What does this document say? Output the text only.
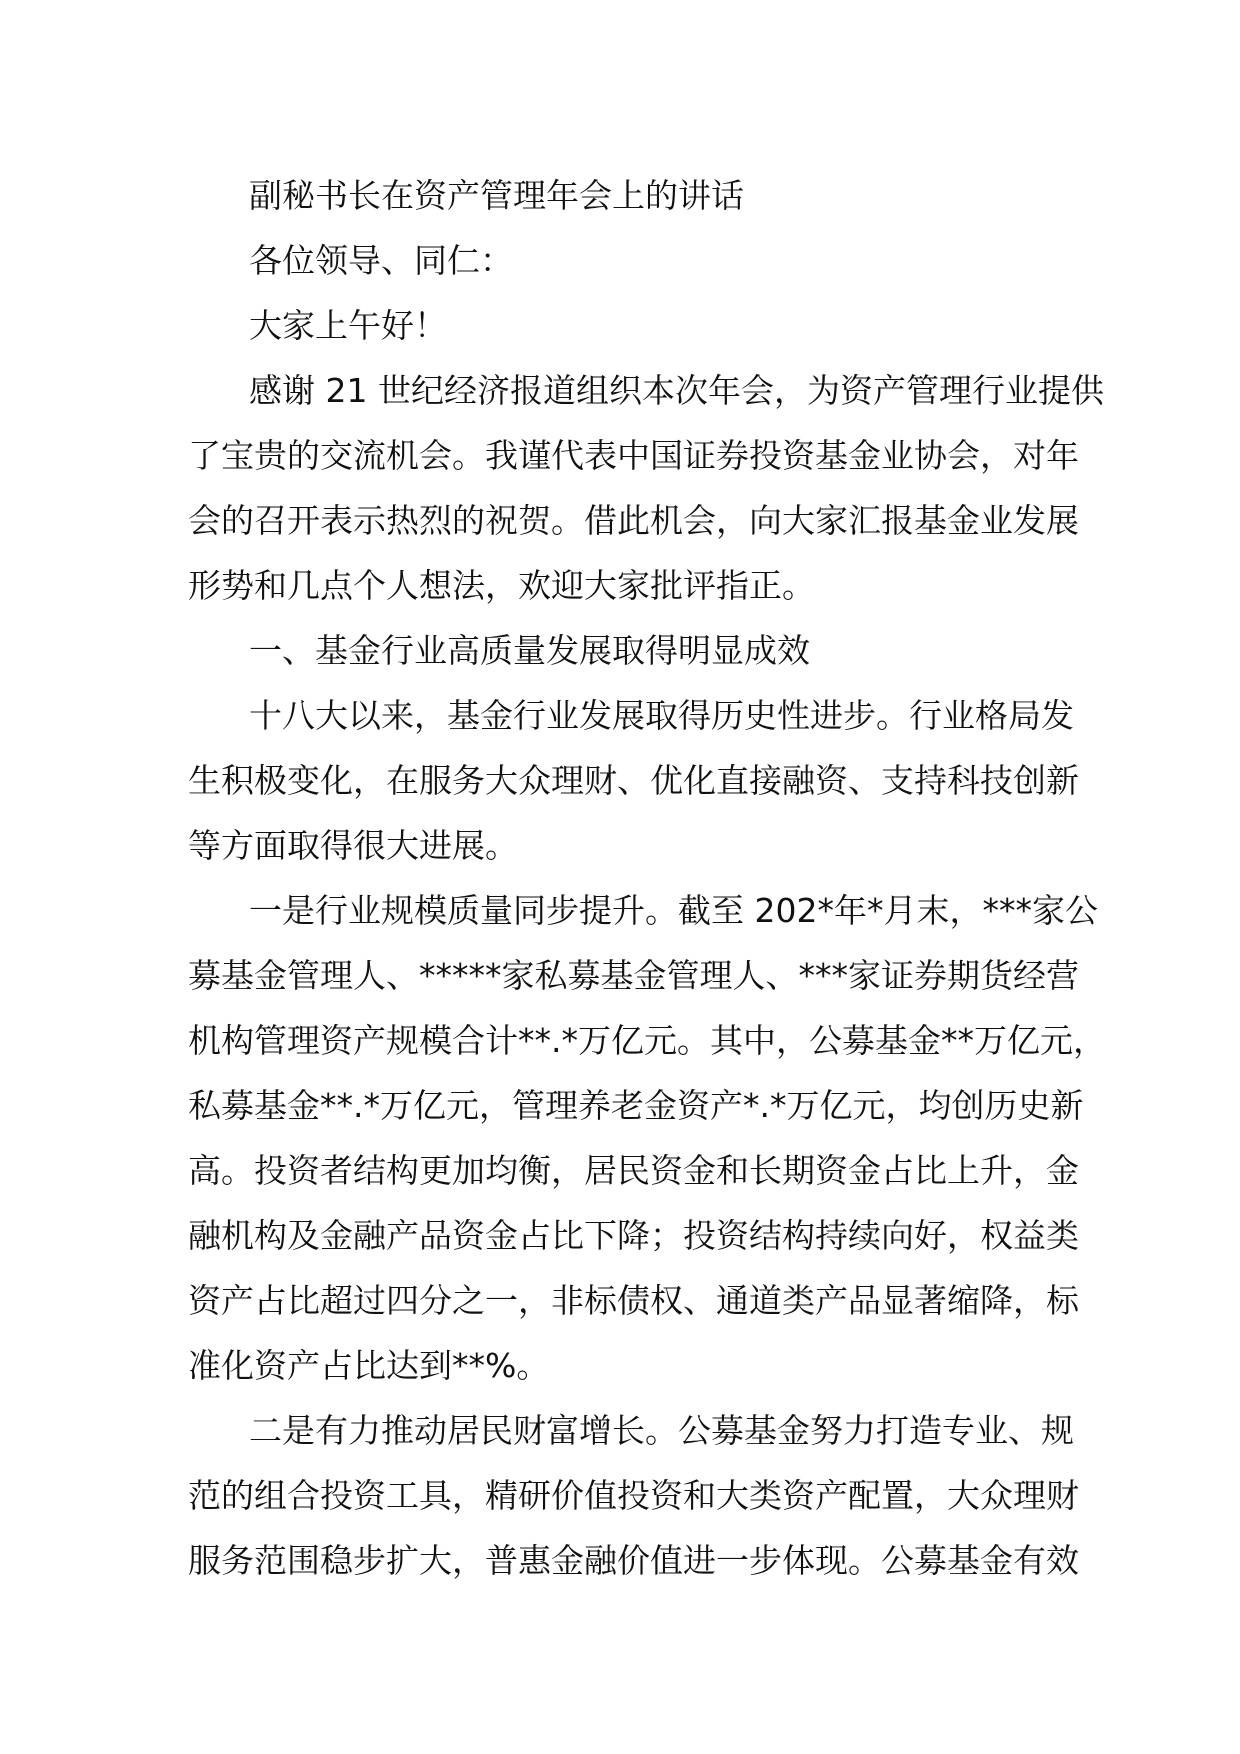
副秘书长在资产管理年会上的讲话
各位领导、同仁：
大家上午好！
感谢 21 世纪经济报道组织本次年会，为资产管理行业提供
了宝贵的交流机会。我谨代表中国证券投资基金业协会，对年
会的召开表示热烈的祝贺。借此机会，向大家汇报基金业发展
形势和几点个人想法，欢迎大家批评指正。
一、基金行业高质量发展取得明显成效
十八大以来，基金行业发展取得历史性进步。行业格局发
生积极变化，在服务大众理财、优化直接融资、支持科技创新
等方面取得很大进展。
一是行业规模质量同步提升。截至 202*年*月末，***家公
募基金管理人、*****家私募基金管理人、***家证券期货经营
机构管理资产规模合计**.*万亿元。其中，公募基金**万亿元，
私募基金**.*万亿元，管理养老金资产*.*万亿元，均创历史新
高。投资者结构更加均衡，居民资金和长期资金占比上升，金
融机构及金融产品资金占比下降；投资结构持续向好，权益类
资产占比超过四分之一，非标债权、通道类产品显著缩降，标
准化资产占比达到**%。
二是有力推动居民财富增长。公募基金努力打造专业、规
范的组合投资工具，精研价值投资和大类资产配置，大众理财
服务范围稳步扩大，普惠金融价值进一步体现。公募基金有效
